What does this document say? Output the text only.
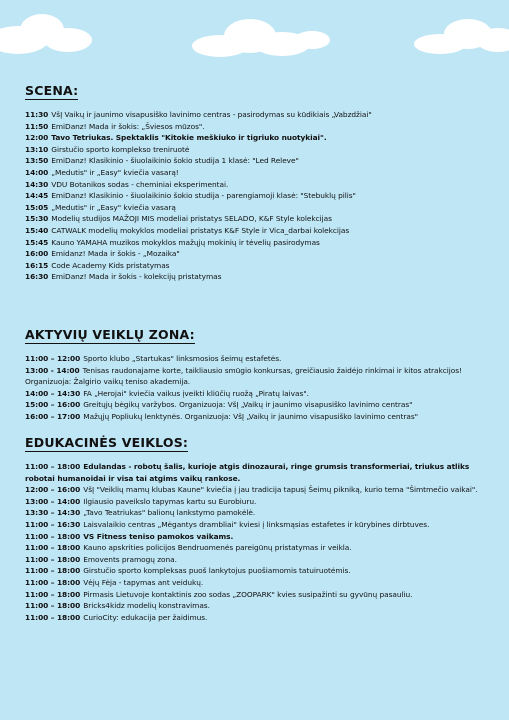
SCENA:
11:30 VšĮ Vaikų ir jaunimo visapusiško lavinimo centras - pasirodymas su kūdikiais „Vabzdžiai"
11:50 EmiDanz! Mada ir šokis: „Šviesos mūzos".
12:00 Tavo Tetriukas. Spektaklis "Kitokie meškiuko ir tigriuko nuotykiai".
13:10 Girstučio sporto komplekso treniruotė
13:50 EmiDanz! Klasikinio - šiuolaikinio šokio studija 1 klasė: "Led Releve"
14:00 „Medutis" ir „Easy" kviečia vasarą!
14:30 VDU Botanikos sodas - cheminiai eksperimentai.
14:45 EmiDanz! Klasikinio - šiuolaikinio šokio studija - parengiamoji klasė: "Stebuklų pilis"
15:05 „Medutis" ir „Easy" kviečia vasarą
15:30 Modelių studijos MAŽOJI MIS modeliai pristatys SELADO, K&F Style kolekcijas
15:40 CATWALK modelių mokyklos modeliai pristatys K&F Style ir Vica_darbai kolekcijas
15:45 Kauno YAMAHA muzikos mokyklos mažųjų mokinių ir tėvelių pasirodymas
16:00 Emidanz! Mada ir šokis - „Mozaika"
16:15 Code Academy Kids pristatymas
16:30 EmiDanz! Mada ir šokis - kolekcijų pristatymas
AKTYVIŲ VEIKLŲ ZONA:
11:00 – 12:00 Sporto klubo „Startukas" linksmosios šeimų estafetės.
13:00 - 14:00 Tenisas raudonajame korte, taikliausio smūgio konkursas, greičiausio žaidėjo rinkimai ir kitos atrakcijos! Organizuoja: Žalgirio vaikų teniso akademija.
14:00 – 14:30 FA „Herojai" kviečia vaikus įveikti kliūčių ruožą „Piratų laivas".
15:00 – 16:00 Greitųjų bėgikų varžybos. Organizuoja: VšĮ „Vaikų ir jaunimo visapusiško lavinimo centras"
16:00 – 17:00 Mažųjų Popliukų lenktynės. Organizuoja: VšĮ „Vaikų ir jaunimo visapusiško lavinimo centras"
EDUKACINĖS VEIKLOS:
11:00 – 18:00 Edulandas - robotų šalis, kurioje atgis dinozaurai, ringe grumsis transformeriai, triukus atliks robotai humanoidai ir visa tai atgims vaikų rankose.
12:00 – 16:00 VšĮ "Veiklių mamų klubas Kaune" kviečia į jau tradicija tapusį Šeimų pikniką, kurio tema "Šimtmečio vaikai".
13:00 – 14:00 Ilgiausio paveikslo tapymas kartu su Eurobiuru.
13:30 – 14:30 „Tavo Teatriukas" balionų lankstymo pamokėlė.
11:00 – 16:30 Laisvalaikio centras „Mėgantys drambliai" kviesi į linksmąsias estafetes ir kūrybines dirbtuves.
11:00 – 18:00 VS Fitness teniso pamokos vaikams.
11:00 – 18:00 Kauno apskrities policijos Bendruomenės pareigūnų pristatymas ir veikla.
11:00 – 18:00 Emovents pramogų zona.
11:00 – 18:00 Girstučio sporto kompleksas puoš lankytojus puošiamomis tatuiruotėmis.
11:00 – 18:00 Vėjų Fėja - tapymas ant veidukų.
11:00 – 18:00 Pirmasis Lietuvoje kontaktinis zoo sodas „ZOOPARK" kvies susipažinti su gyvūnų pasauliu.
11:00 – 18:00 Bricks4kidz modelių konstravimas.
11:00 – 18:00 CurioCity: edukacija per žaidimus.
